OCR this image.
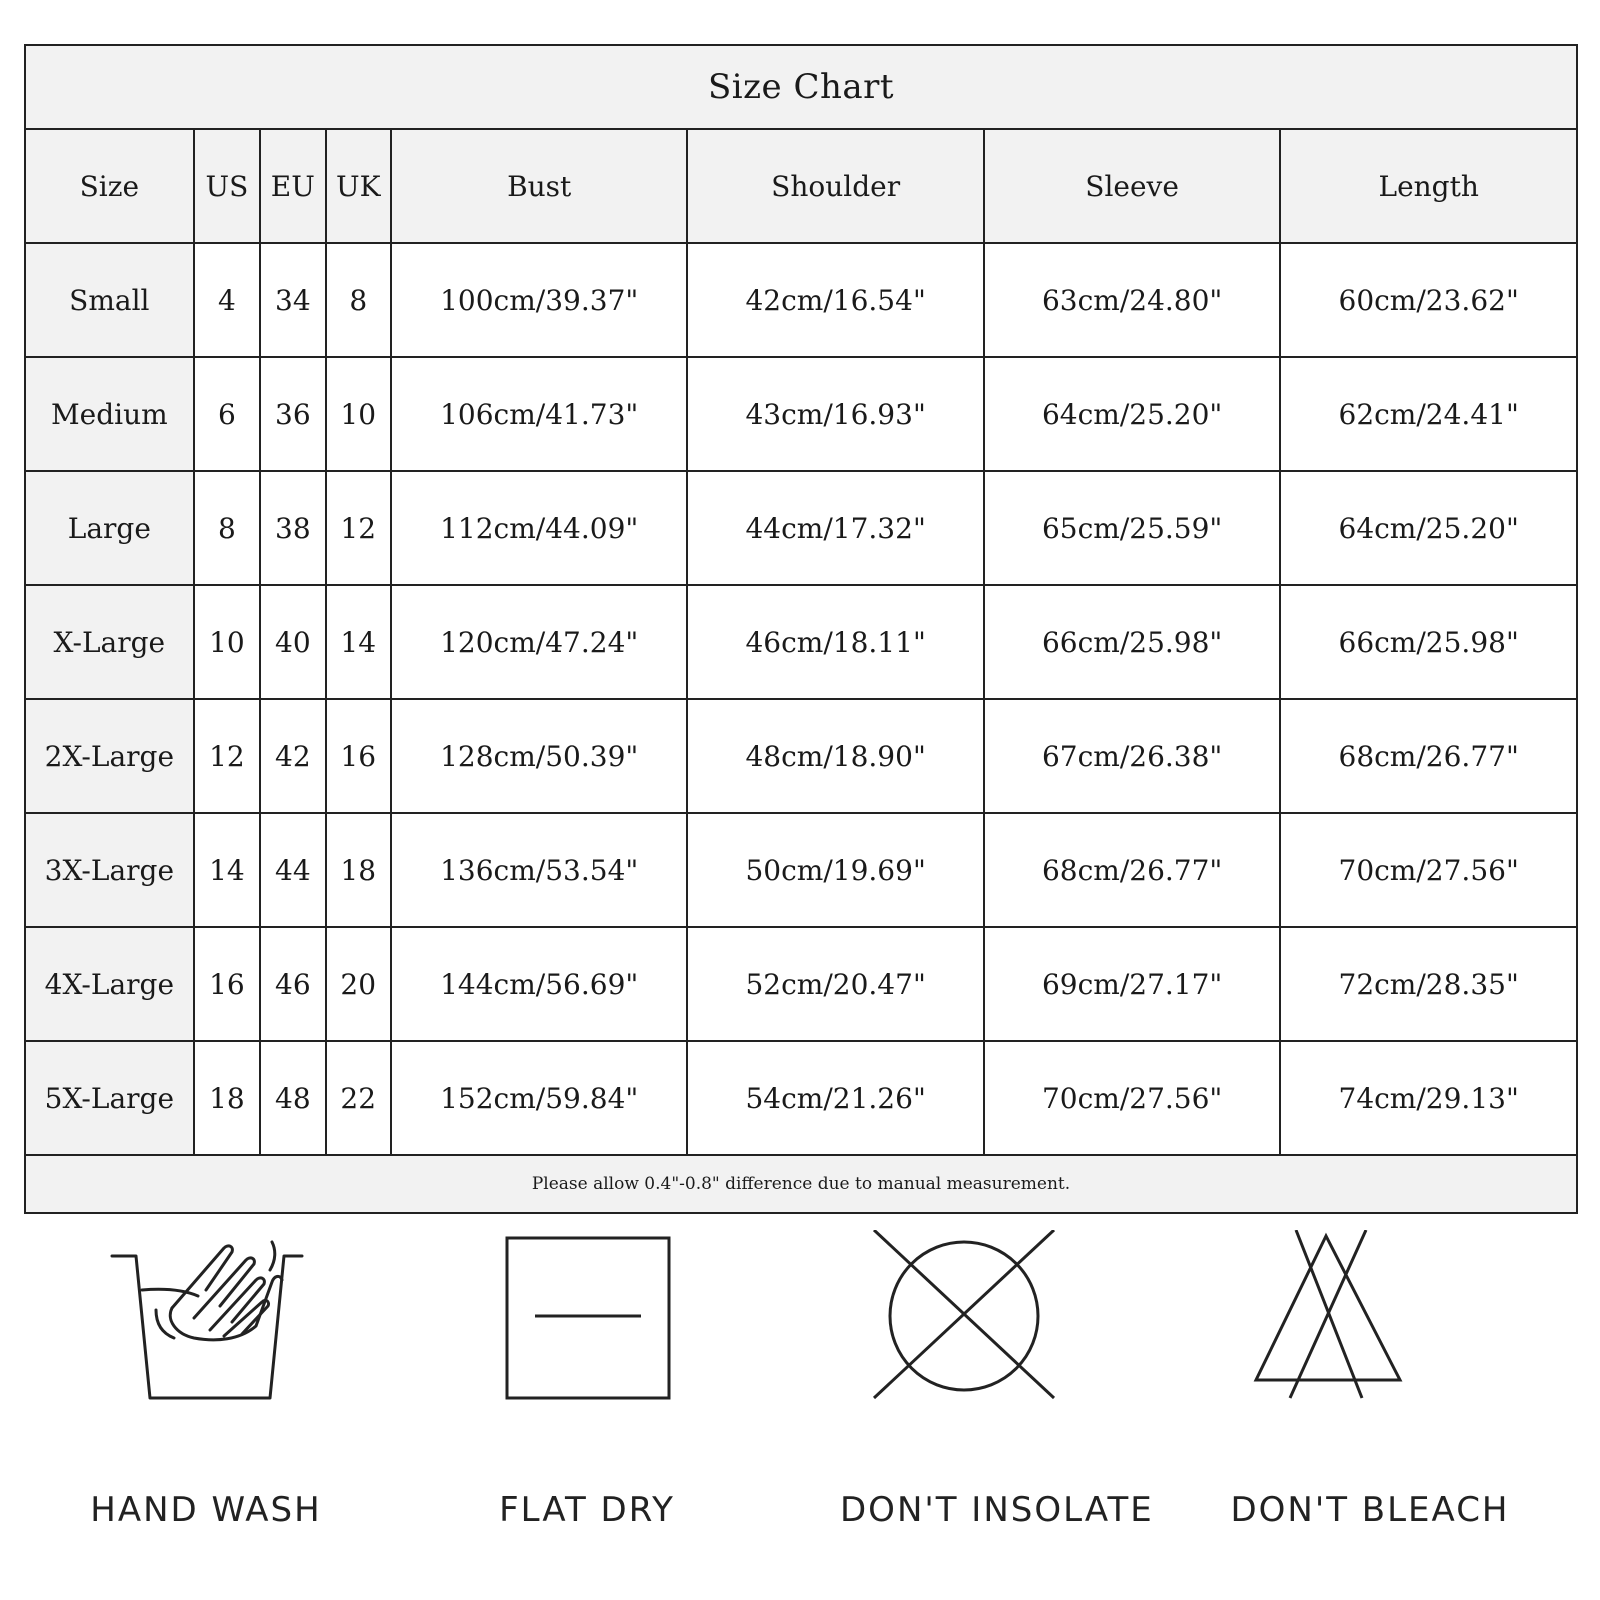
Size Chart							
Size	US	EU	UK	Bust	Shoulder	Sleeve	Length
Small	4	34	8	100cm/39.37"	42cm/16.54"	63cm/24.80"	60cm/23.62"
Medium	6	36	10	106cm/41.73"	43cm/16.93"	64cm/25.20"	62cm/24.41"
Large	8	38	12	112cm/44.09"	44cm/17.32"	65cm/25.59"	64cm/25.20"
X-Large	10	40	14	120cm/47.24"	46cm/18.11"	66cm/25.98"	66cm/25.98"
2X-Large	12	42	16	128cm/50.39"	48cm/18.90"	67cm/26.38"	68cm/26.77"
3X-Large	14	44	18	136cm/53.54"	50cm/19.69"	68cm/26.77"	70cm/27.56"
4X-Large	16	46	20	144cm/56.69"	52cm/20.47"	69cm/27.17"	72cm/28.35"
5X-Large	18	48	22	152cm/59.84"	54cm/21.26"	70cm/27.56"	74cm/29.13"
Please allow 0.4"-0.8" difference due to manual measurement.							
HAND WASH	FLAT DRY	DON'T INSOLATE	DON'T BLEACH
